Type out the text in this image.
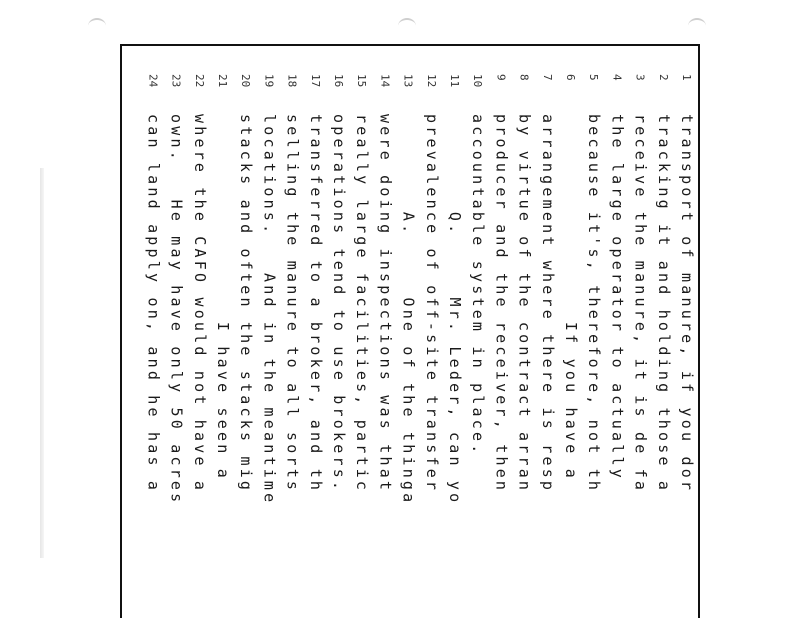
1
transport of manure, if you dor
2
tracking it and holding those a
3
receive the manure, it is de fa
4
the large operator to actually
5
because it's, therefore, not th
6
If you have a
7
arrangement where there is resp
8
by virtue of the contract arran
9
producer and the receiver, then
10
accountable system in place.
11
Q.     Mr. Leder, can yo
12
prevalence of off-site transfer
13
A.     One of the thinga
14
were doing inspections was that
15
really large facilities, partic
16
operations tend to use brokers.
17
transferred to a broker, and th
18
selling the manure to all sorts
19
locations.   And in the meantime
20
stacks and often the stacks mig
21
I have seen a
22
where the CAFO would not have a
23
own.   He may have only 50 acres
24
can land apply on, and he has a
